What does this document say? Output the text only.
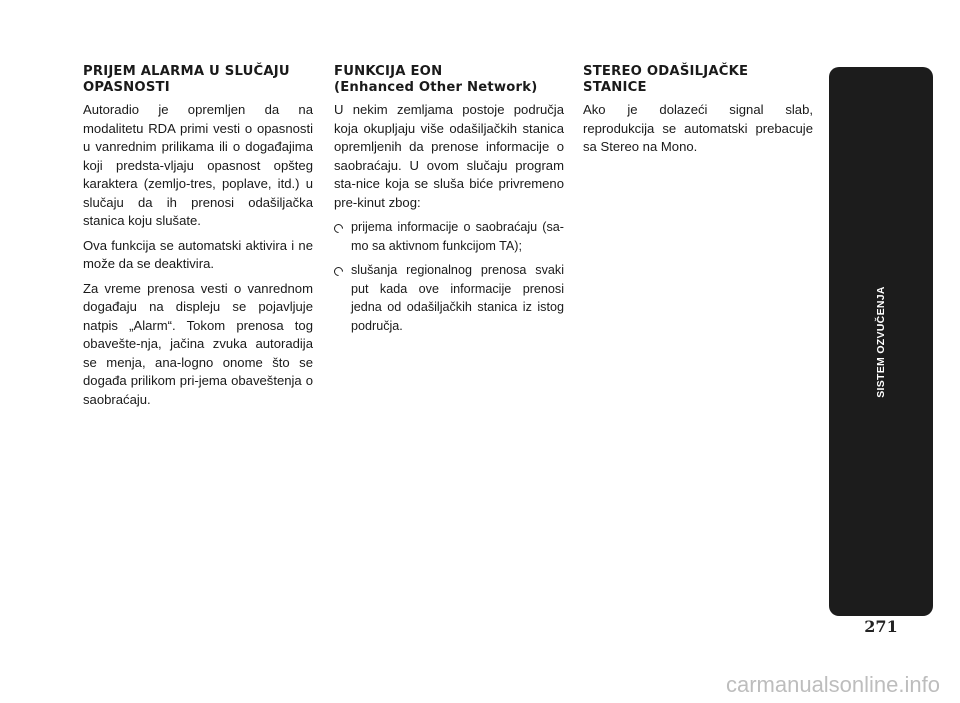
PRIJEM ALARMA U SLUČAJU
OPASNOSTI

Autoradio je opremljen da na modalitetu RDA primi vesti o opasnosti u vanrednim prilikama ili o događajima koji predsta-vljaju opasnost opšteg karaktera (zemljo-tres, poplave, itd.) u slučaju da ih prenosi odašiljačka stanica koju slušate.

Ova funkcija se automatski aktivira i ne može da se deaktivira.

Za vreme prenosa vesti o vanrednom događaju na displeju se pojavljuje natpis „Alarm“. Tokom prenosa tog obavešte-nja, jačina zvuka autoradija se menja, ana-logno onome što se događa prilikom pri-jema obaveštenja o saobraćaju.

FUNKCIJA EON
(Enhanced Other Network)

U nekim zemljama postoje područja koja okupljaju više odašiljačkih stanica opremljenih da prenose informacije o saobraćaju. U ovom slučaju program sta-nice koja se sluša biće privremeno pre-kinut zbog:

prijema informacije o saobraćaju (sa-mo sa aktivnom funkcijom TA);
slušanja regionalnog prenosa svaki put kada ove informacije prenosi jedna od odašiljačkih stanica iz istog područja.
STEREO ODAŠILJAČKE
STANICE

Ako je dolazeći signal slab, reprodukcija se automatski prebacuje sa Stereo na Mono.

SISTEM OZVUČENJA
271
carmanualsonline.info
